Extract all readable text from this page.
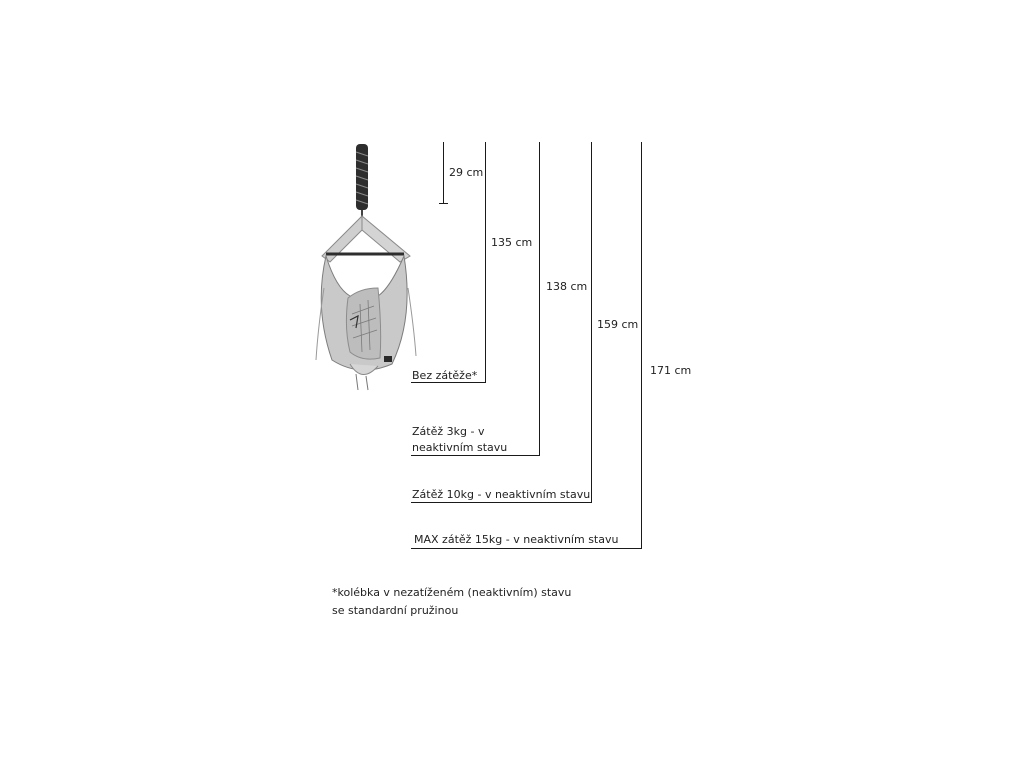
29 cm
135 cm
Bez zátěže*
138 cm
Zátěž 3kg - v
neaktivním stavu
159 cm
Zátěž 10kg - v neaktivním stavu
171 cm
MAX zátěž 15kg - v neaktivním stavu
*kolébka v nezatíženém (neaktivním) stavu
se standardní pružinou
